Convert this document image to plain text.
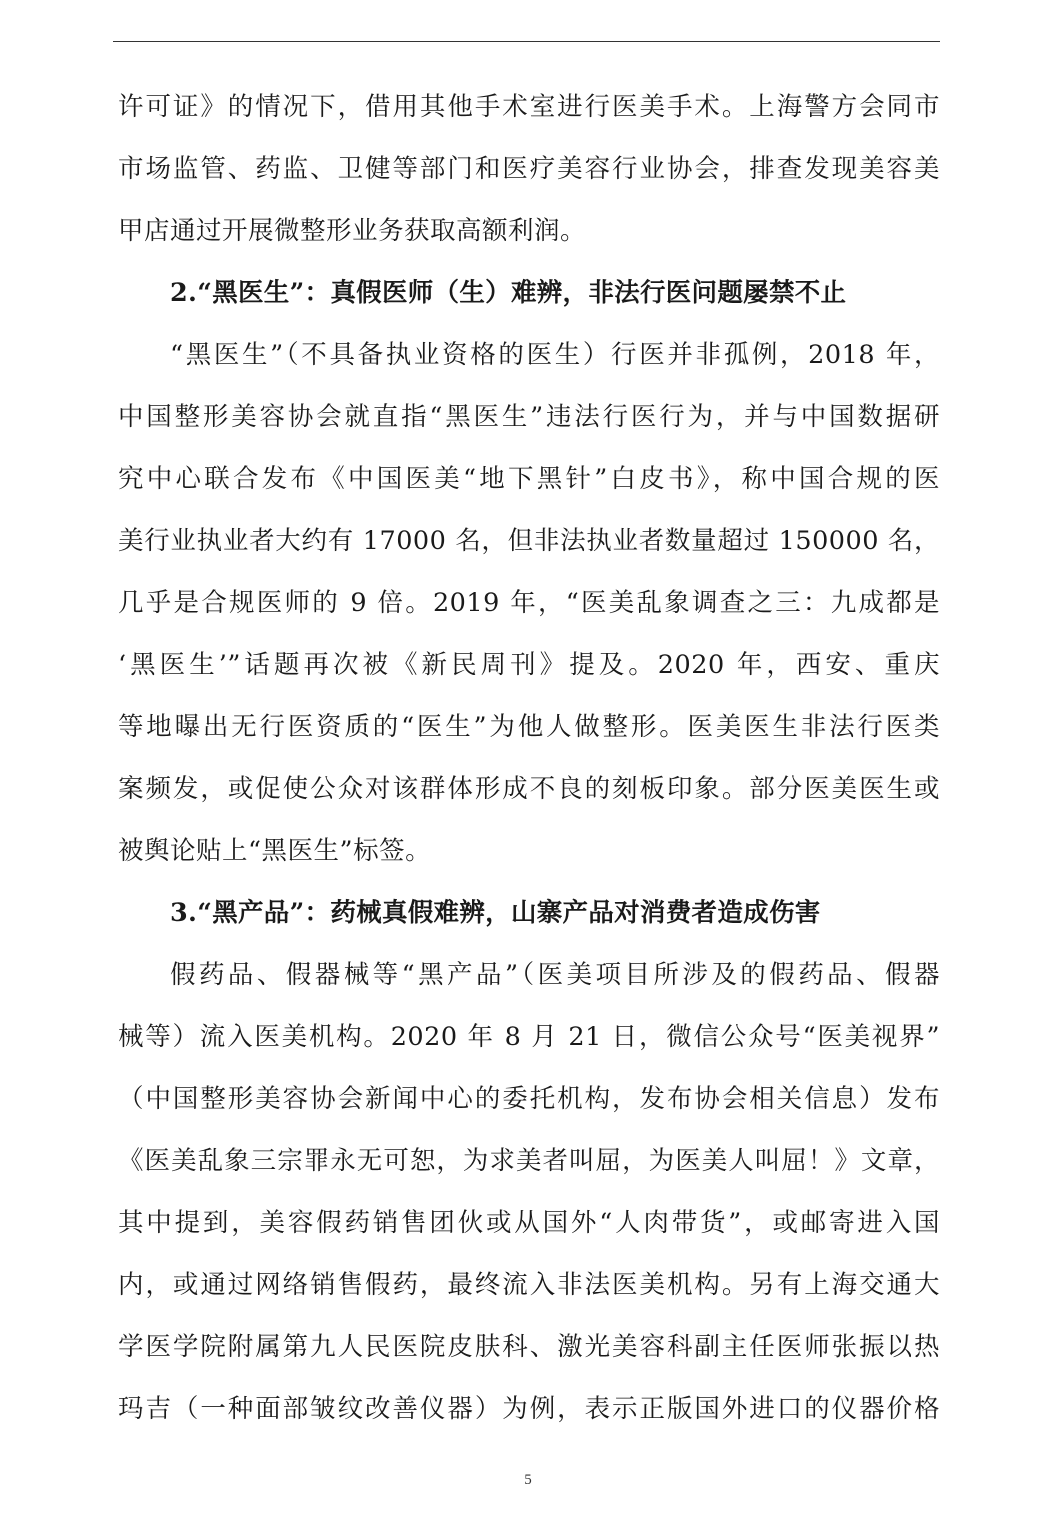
许可证》的情况下，借用其他手术室进行医美手术。上海警方会同市
市场监管、药监、卫健等部门和医疗美容行业协会，排查发现美容美
甲店通过开展微整形业务获取高额利润。
2.“黑医生”：真假医师（生）难辨，非法行医问题屡禁不止
“黑医生”（不具备执业资格的医生）行医并非孤例，2018 年，
中国整形美容协会就直指“黑医生”违法行医行为，并与中国数据研
究中心联合发布《中国医美“地下黑针”白皮书》，称中国合规的医
美行业执业者大约有 17000 名，但非法执业者数量超过 150000 名，
几乎是合规医师的 9 倍。2019 年，“医美乱象调查之三：九成都是
‘黑医生’”话题再次被《新民周刊》提及。2020 年，西安、重庆
等地曝出无行医资质的“医生”为他人做整形。医美医生非法行医类
案频发，或促使公众对该群体形成不良的刻板印象。部分医美医生或
被舆论贴上“黑医生”标签。
3.“黑产品”：药械真假难辨，山寨产品对消费者造成伤害
假药品、假器械等“黑产品”（医美项目所涉及的假药品、假器
械等）流入医美机构。2020 年 8 月 21 日，微信公众号“医美视界”
（中国整形美容协会新闻中心的委托机构，发布协会相关信息）发布
《医美乱象三宗罪永无可恕，为求美者叫屈，为医美人叫屈！》文章，
其中提到，美容假药销售团伙或从国外“人肉带货”，或邮寄进入国
内，或通过网络销售假药，最终流入非法医美机构。另有上海交通大
学医学院附属第九人民医院皮肤科、激光美容科副主任医师张振以热
玛吉（一种面部皱纹改善仪器）为例，表示正版国外进口的仪器价格
5
